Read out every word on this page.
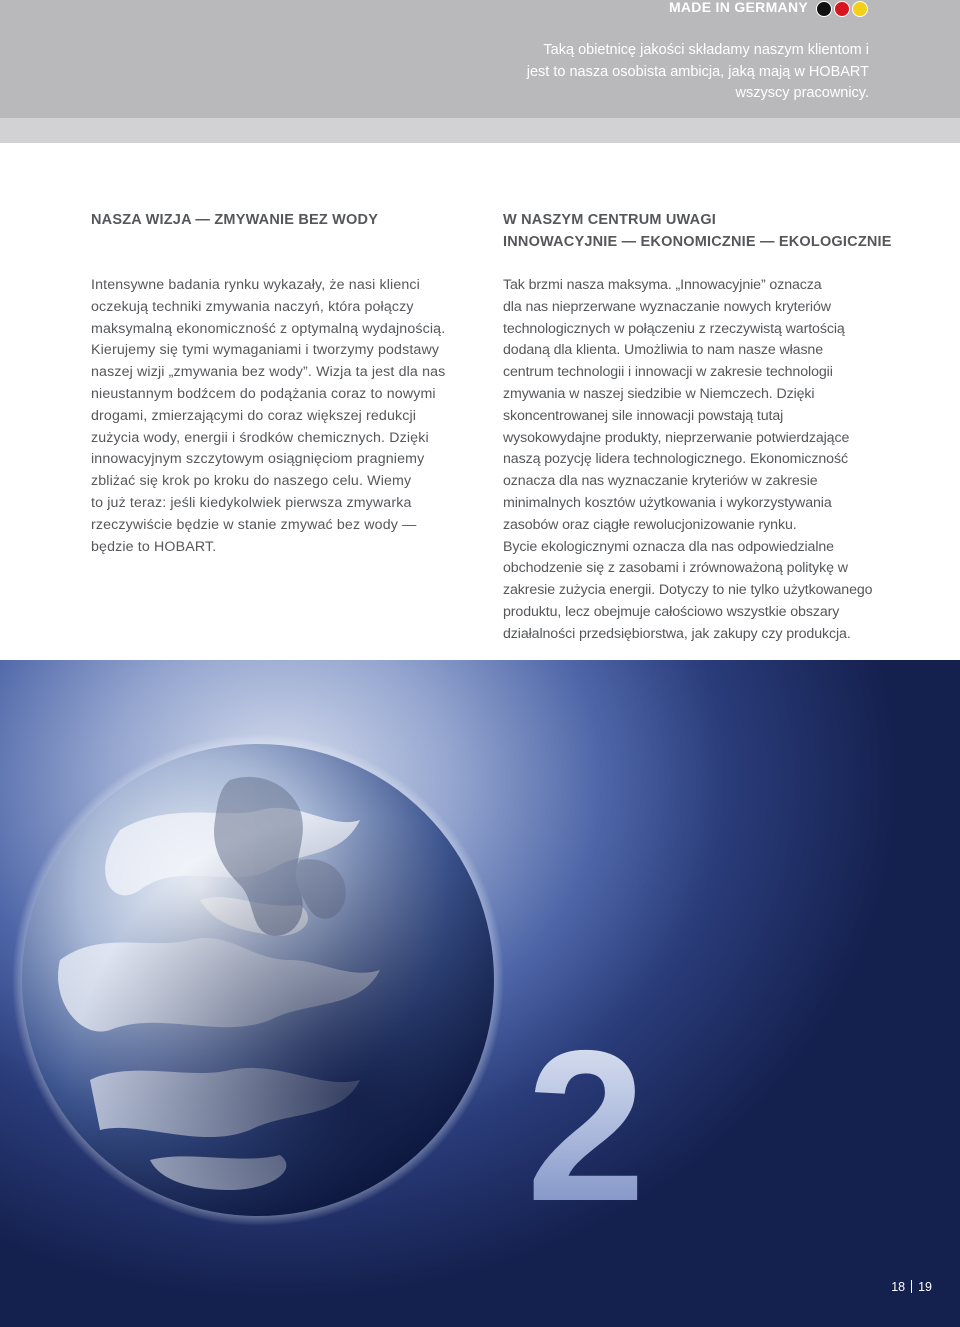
MADE IN GERMANY
Taką obietnicę jakości składamy naszym klientom i
jest to nasza osobista ambicja, jaką mają w HOBART
wszyscy pracownicy.
NASZA WIZJA — ZMYWANIE BEZ WODY
Intensywne badania rynku wykazały, że nasi klienci
oczekują techniki zmywania naczyń, która połączy
maksymalną ekonomiczność z optymalną wydajnością.
Kierujemy się tymi wymaganiami i tworzymy podstawy
naszej wizji „zmywania bez wody”. Wizja ta jest dla nas
nieustannym bodźcem do podążania coraz to nowymi
drogami, zmierzającymi do coraz większej redukcji
zużycia wody, energii i środków chemicznych. Dzięki
innowacyjnym szczytowym osiągnięciom pragniemy
zbliżać się krok po kroku do naszego celu. Wiemy
to już teraz: jeśli kiedykolwiek pierwsza zmywarka
rzeczywiście będzie w stanie zmywać bez wody —
będzie to HOBART.
W NASZYM CENTRUM UWAGI
INNOWACYJNIE — EKONOMICZNIE — EKOLOGICZNIE
Tak brzmi nasza maksyma. „Innowacyjnie” oznacza
dla nas nieprzerwane wyznaczanie nowych kryteriów
technologicznych w połączeniu z rzeczywistą wartością
dodaną dla klienta. Umożliwia to nam nasze własne
centrum technologii i innowacji w zakresie technologii
zmywania w naszej siedzibie w Niemczech. Dzięki
skoncentrowanej sile innowacji powstają tutaj
wysokowydajne produkty, nieprzerwanie potwierdzające
naszą pozycję lidera technologicznego. Ekonomiczność
oznacza dla nas wyznaczanie kryteriów w zakresie
minimalnych kosztów użytkowania i wykorzystywania
zasobów oraz ciągłe rewolucjonizowanie rynku.
Bycie ekologicznymi oznacza dla nas odpowiedzialne
obchodzenie się z zasobami i zrównoważoną politykę w
zakresie zużycia energii. Dotyczy to nie tylko użytkowanego
produktu, lecz obejmuje całościowo wszystkie obszary
działalności przedsiębiorstwa, jak zakupy czy produkcja.
2
18 19
